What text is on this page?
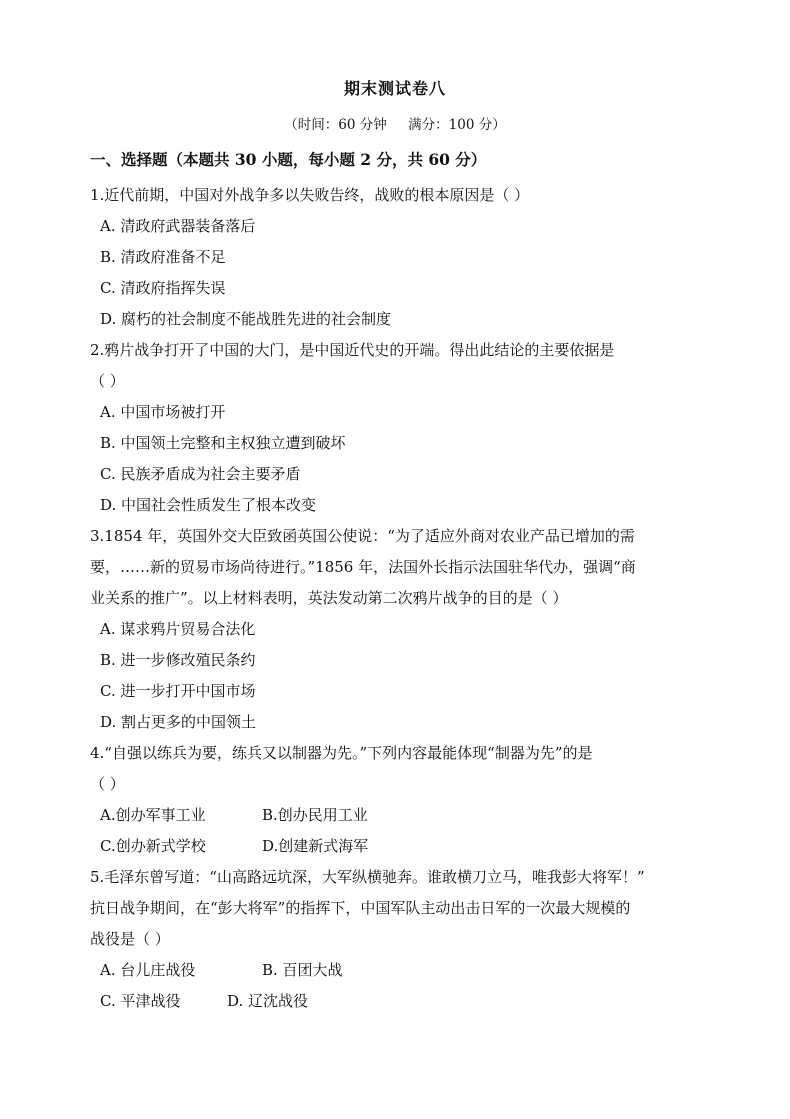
期末测试卷八
（时间：60 分钟     满分：100 分）
一、选择题（本题共 30 小题，每小题 2 分，共 60 分）
1.近代前期，中国对外战争多以失败告终，战败的根本原因是（ ）
A. 清政府武器装备落后
B. 清政府准备不足
C. 清政府指挥失误
D. 腐朽的社会制度不能战胜先进的社会制度
2.鸦片战争打开了中国的大门，是中国近代史的开端。得出此结论的主要依据是
（ ）
A. 中国市场被打开
B. 中国领土完整和主权独立遭到破坏
C. 民族矛盾成为社会主要矛盾
D. 中国社会性质发生了根本改变
3.1854 年，英国外交大臣致函英国公使说：“为了适应外商对农业产品已增加的需
要，……新的贸易市场尚待进行。”1856 年，法国外长指示法国驻华代办，强调“商
业关系的推广”。以上材料表明，英法发动第二次鸦片战争的目的是（ ）
A. 谋求鸦片贸易合法化
B. 进一步修改殖民条约
C. 进一步打开中国市场
D. 割占更多的中国领土
4.“自强以练兵为要，练兵又以制器为先。”下列内容最能体现“制器为先”的是
（ ）
A.创办军事工业	B.创办民用工业
C.创办新式学校	D.创建新式海军
5.毛泽东曾写道：“山高路远坑深，大军纵横驰奔。谁敢横刀立马，唯我彭大将军！”
抗日战争期间，在“彭大将军”的指挥下，中国军队主动出击日军的一次最大规模的
战役是（ ）
A. 台儿庄战役	B. 百团大战
C. 平津战役	D. 辽沈战役
